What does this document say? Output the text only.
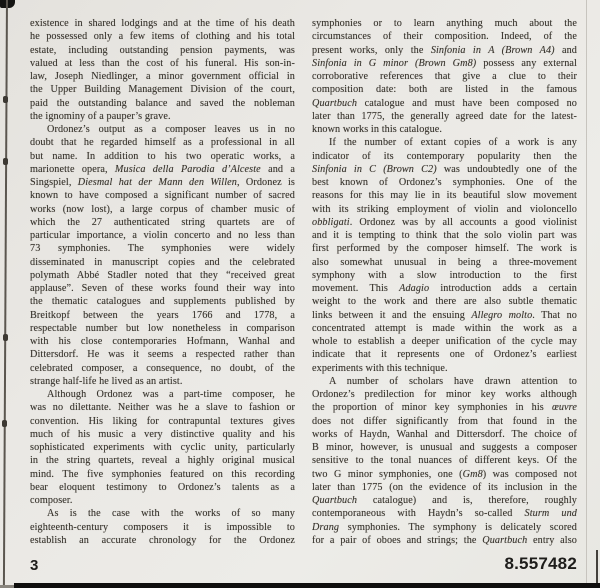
existence in shared lodgings and at the time of his death
he possessed only a few items of clothing and his total
estate, including outstanding pension payments, was
valued at less than the cost of his funeral. His son-in-
law, Joseph Niedlinger, a minor government official in
the Upper Building Management Division of the court,
paid the outstanding balance and saved the nobleman
the ignominy of a pauper’s grave.
Ordonez’s output as a composer leaves us in no
doubt that he regarded himself as a professional in all
but name. In addition to his two operatic works, a
marionette opera, Musica della Parodia d’Alceste and a
Singspiel, Diesmal hat der Mann den Willen, Ordonez is
known to have composed a significant number of sacred
works (now lost), a large corpus of chamber music of
which the 27 authenticated string quartets are of
particular importance, a violin concerto and no less than
73 symphonies. The symphonies were widely
disseminated in manuscript copies and the celebrated
polymath Abbé Stadler noted that they “received great
applause”. Seven of these works found their way into
the thematic catalogues and supplements published by
Breitkopf between the years 1766 and 1778, a
respectable number but low nonetheless in comparison
with his close contemporaries Hofmann, Wanhal and
Dittersdorf. He was it seems a respected rather than
celebrated composer, a consequence, no doubt, of the
strange half-life he lived as an artist.
Although Ordonez was a part-time composer, he
was no dilettante. Neither was he a slave to fashion or
convention. His liking for contrapuntal textures gives
much of his music a very distinctive quality and his
sophisticated experiments with cyclic unity, particularly
in the string quartets, reveal a highly original musical
mind. The five symphonies featured on this recording
bear eloquent testimony to Ordonez’s talents as a
composer.
As is the case with the works of so many
eighteenth-century composers it is impossible to
establish an accurate chronology for the Ordonez
symphonies or to learn anything much about the
circumstances of their composition. Indeed, of the
present works, only the Sinfonia in A (Brown A4) and
Sinfonia in G minor (Brown Gm8) possess any external
corroborative references that give a clue to their
composition date: both are listed in the famous
Quartbuch catalogue and must have been composed no
later than 1775, the generally agreed date for the latest-
known works in this catalogue.
If the number of extant copies of a work is any
indicator of its contemporary popularity then the
Sinfonia in C (Brown C2) was undoubtedly one of the
best known of Ordonez’s symphonies. One of the
reasons for this may lie in its beautiful slow movement
with its striking employment of violin and violoncello
obbligati. Ordonez was by all accounts a good violinist
and it is tempting to think that the solo violin part was
first performed by the composer himself. The work is
also somewhat unusual in being a three-movement
symphony with a slow introduction to the first
movement. This Adagio introduction adds a certain
weight to the work and there are also subtle thematic
links between it and the ensuing Allegro molto. That no
concentrated attempt is made within the work as a
whole to establish a deeper unification of the cycle may
indicate that it represents one of Ordonez’s earliest
experiments with this technique.
A number of scholars have drawn attention to
Ordonez’s predilection for minor key works although
the proportion of minor key symphonies in his œuvre
does not differ significantly from that found in the
works of Haydn, Wanhal and Dittersdorf. The choice of
B minor, however, is unusual and suggests a composer
sensitive to the tonal nuances of different keys. Of the
two G minor symphonies, one (Gm8) was composed not
later than 1775 (on the evidence of its inclusion in the
Quartbuch catalogue) and is, therefore, roughly
contemporaneous with Haydn’s so-called Sturm und
Drang symphonies. The symphony is delicately scored
for a pair of oboes and strings; the Quartbuch entry also
3	8.557482
